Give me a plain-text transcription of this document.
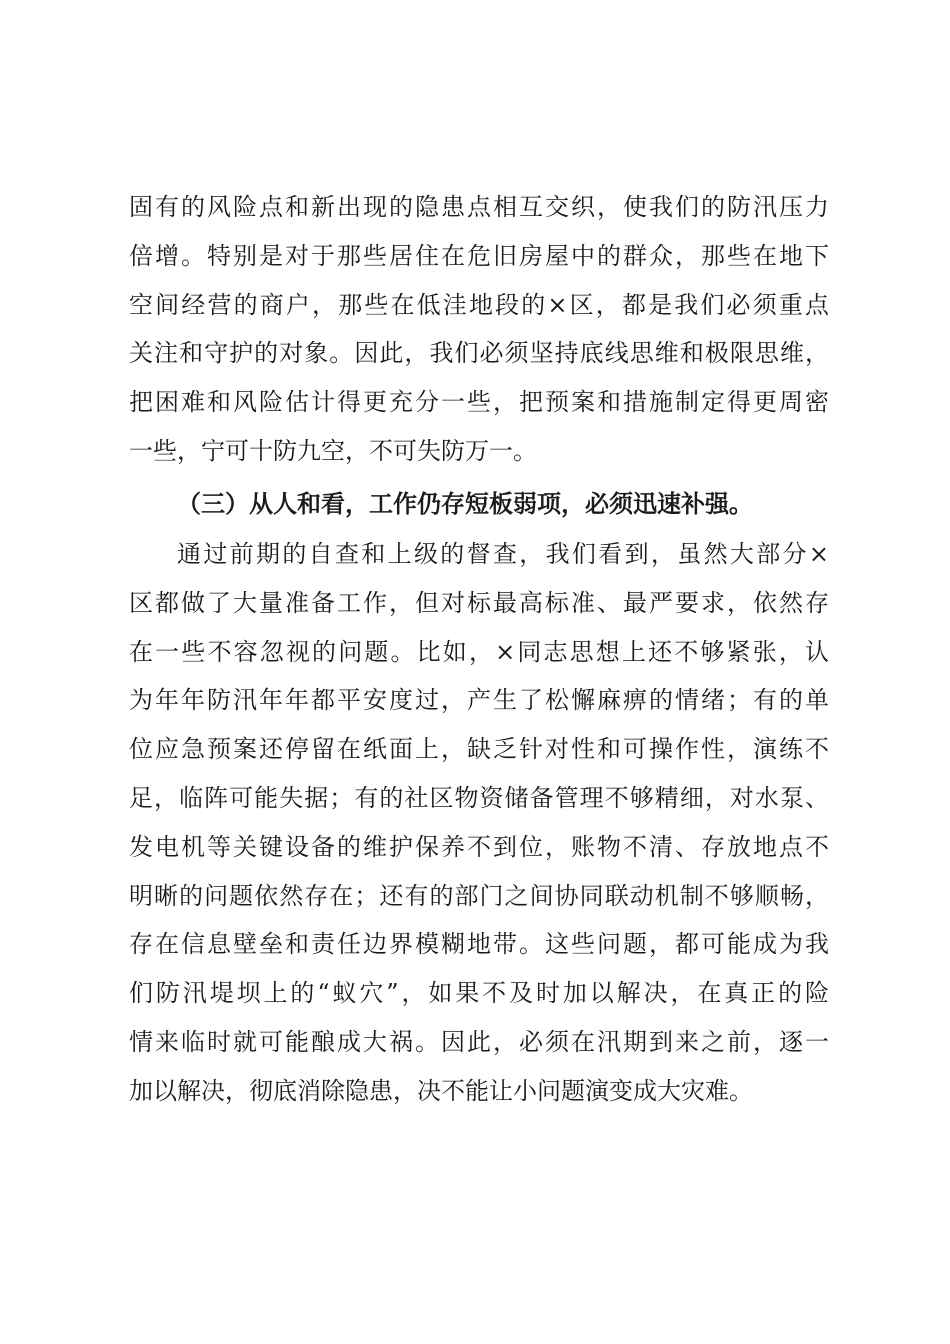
固有的风险点和新出现的隐患点相互交织，使我们的防汛压力
倍增。特别是对于那些居住在危旧房屋中的群众，那些在地下
空间经营的商户，那些在低洼地段的×区，都是我们必须重点
关注和守护的对象。因此，我们必须坚持底线思维和极限思维，
把困难和风险估计得更充分一些，把预案和措施制定得更周密
一些，宁可十防九空，不可失防万一。
（三）从人和看，工作仍存短板弱项，必须迅速补强。
通过前期的自查和上级的督查，我们看到，虽然大部分×
区都做了大量准备工作，但对标最高标准、最严要求，依然存
在一些不容忽视的问题。比如，×同志思想上还不够紧张，认
为年年防汛年年都平安度过，产生了松懈麻痹的情绪；有的单
位应急预案还停留在纸面上，缺乏针对性和可操作性，演练不
足，临阵可能失据；有的社区物资储备管理不够精细，对水泵、
发电机等关键设备的维护保养不到位，账物不清、存放地点不
明晰的问题依然存在；还有的部门之间协同联动机制不够顺畅，
存在信息壁垒和责任边界模糊地带。这些问题，都可能成为我
们防汛堤坝上的“蚁穴”，如果不及时加以解决，在真正的险
情来临时就可能酿成大祸。因此，必须在汛期到来之前，逐一
加以解决，彻底消除隐患，决不能让小问题演变成大灾难。
